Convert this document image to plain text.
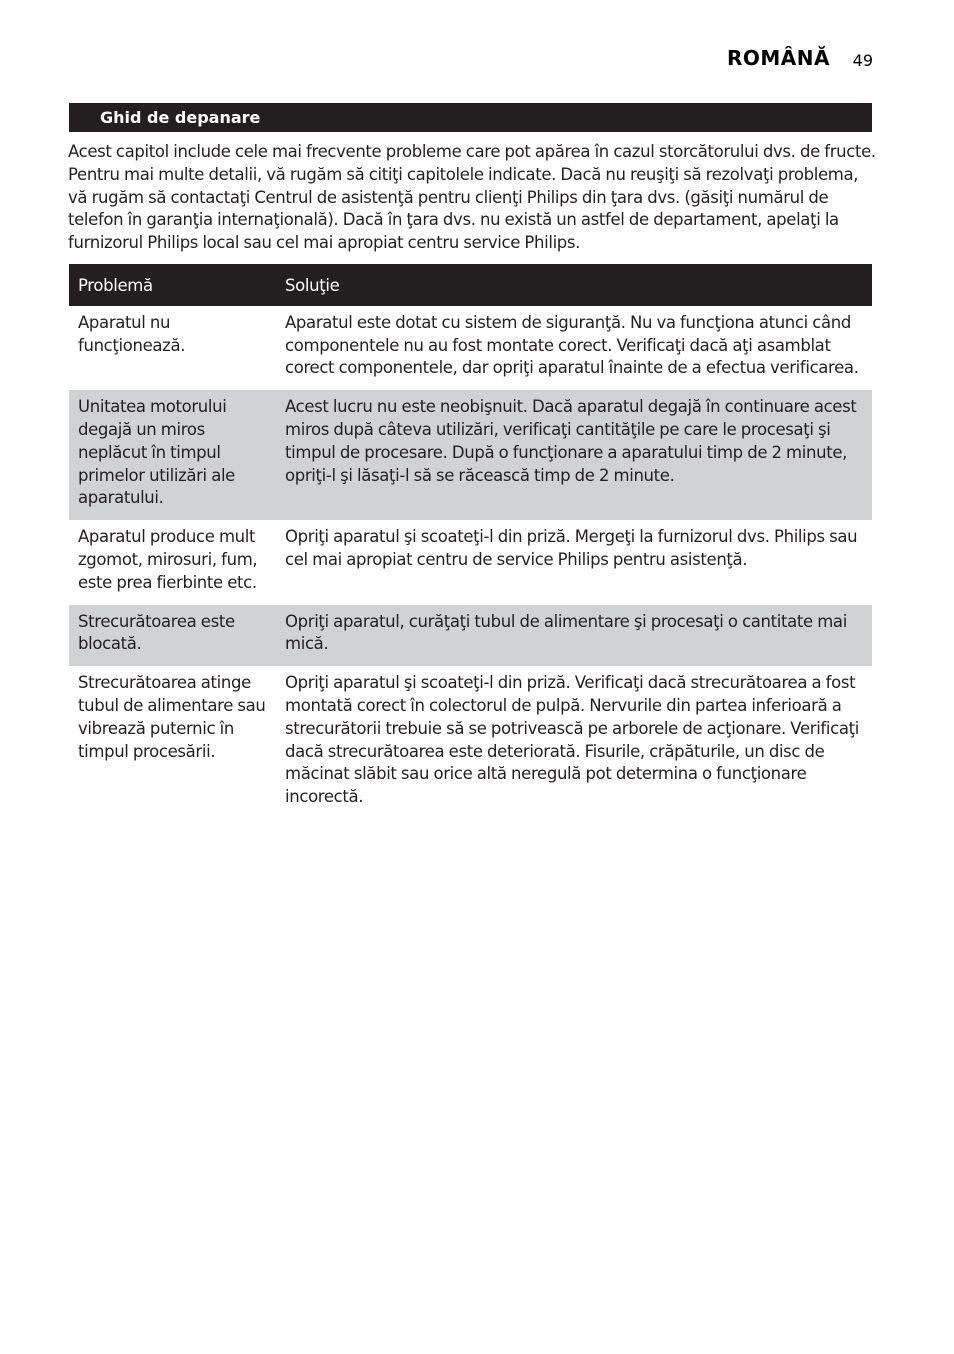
ROMÂNĂ 49
Ghid de depanare

Acest capitol include cele mai frecvente probleme care pot apărea în cazul storcătorului dvs. de fructe. Pentru mai multe detalii, vă rugăm să citiţi capitolele indicate. Dacă nu reuşiţi să rezolvaţi problema, vă rugăm să contactaţi Centrul de asistenţă pentru clienţi Philips din ţara dvs. (găsiţi numărul de telefon în garanţia internaţională). Dacă în ţara dvs. nu există un astfel de departament, apelaţi la furnizorul Philips local sau cel mai apropiat centru service Philips.

Problemă	Soluţie
Aparatul nu funcţionează.	Aparatul este dotat cu sistem de siguranţă. Nu va funcţiona atunci când componentele nu au fost montate corect. Verificaţi dacă aţi asamblat corect componentele, dar opriţi aparatul înainte de a efectua verificarea.
Unitatea motorului degajă un miros neplăcut în timpul primelor utilizări ale aparatului.	Acest lucru nu este neobişnuit. Dacă aparatul degajă în continuare acest miros după câteva utilizări, verificaţi cantităţile pe care le procesaţi şi timpul de procesare. După o funcţionare a aparatului timp de 2 minute, opriţi-l şi lăsaţi-l să se răcească timp de 2 minute.
Aparatul produce mult zgomot, mirosuri, fum, este prea fierbinte etc.	Opriţi aparatul şi scoateţi-l din priză. Mergeţi la furnizorul dvs. Philips sau cel mai apropiat centru de service Philips pentru asistenţă.
Strecurătoarea este blocată.	Opriţi aparatul, curăţaţi tubul de alimentare şi procesaţi o cantitate mai mică.
Strecurătoarea atinge tubul de alimentare sau vibrează puternic în timpul procesării.	Opriţi aparatul şi scoateţi-l din priză. Verificaţi dacă strecurătoarea a fost montată corect în colectorul de pulpă. Nervurile din partea inferioară a strecurătorii trebuie să se potrivească pe arborele de acţionare. Verificaţi dacă strecurătoarea este deteriorată. Fisurile, crăpăturile, un disc de măcinat slăbit sau orice altă neregulă pot determina o funcţionare incorectă.
